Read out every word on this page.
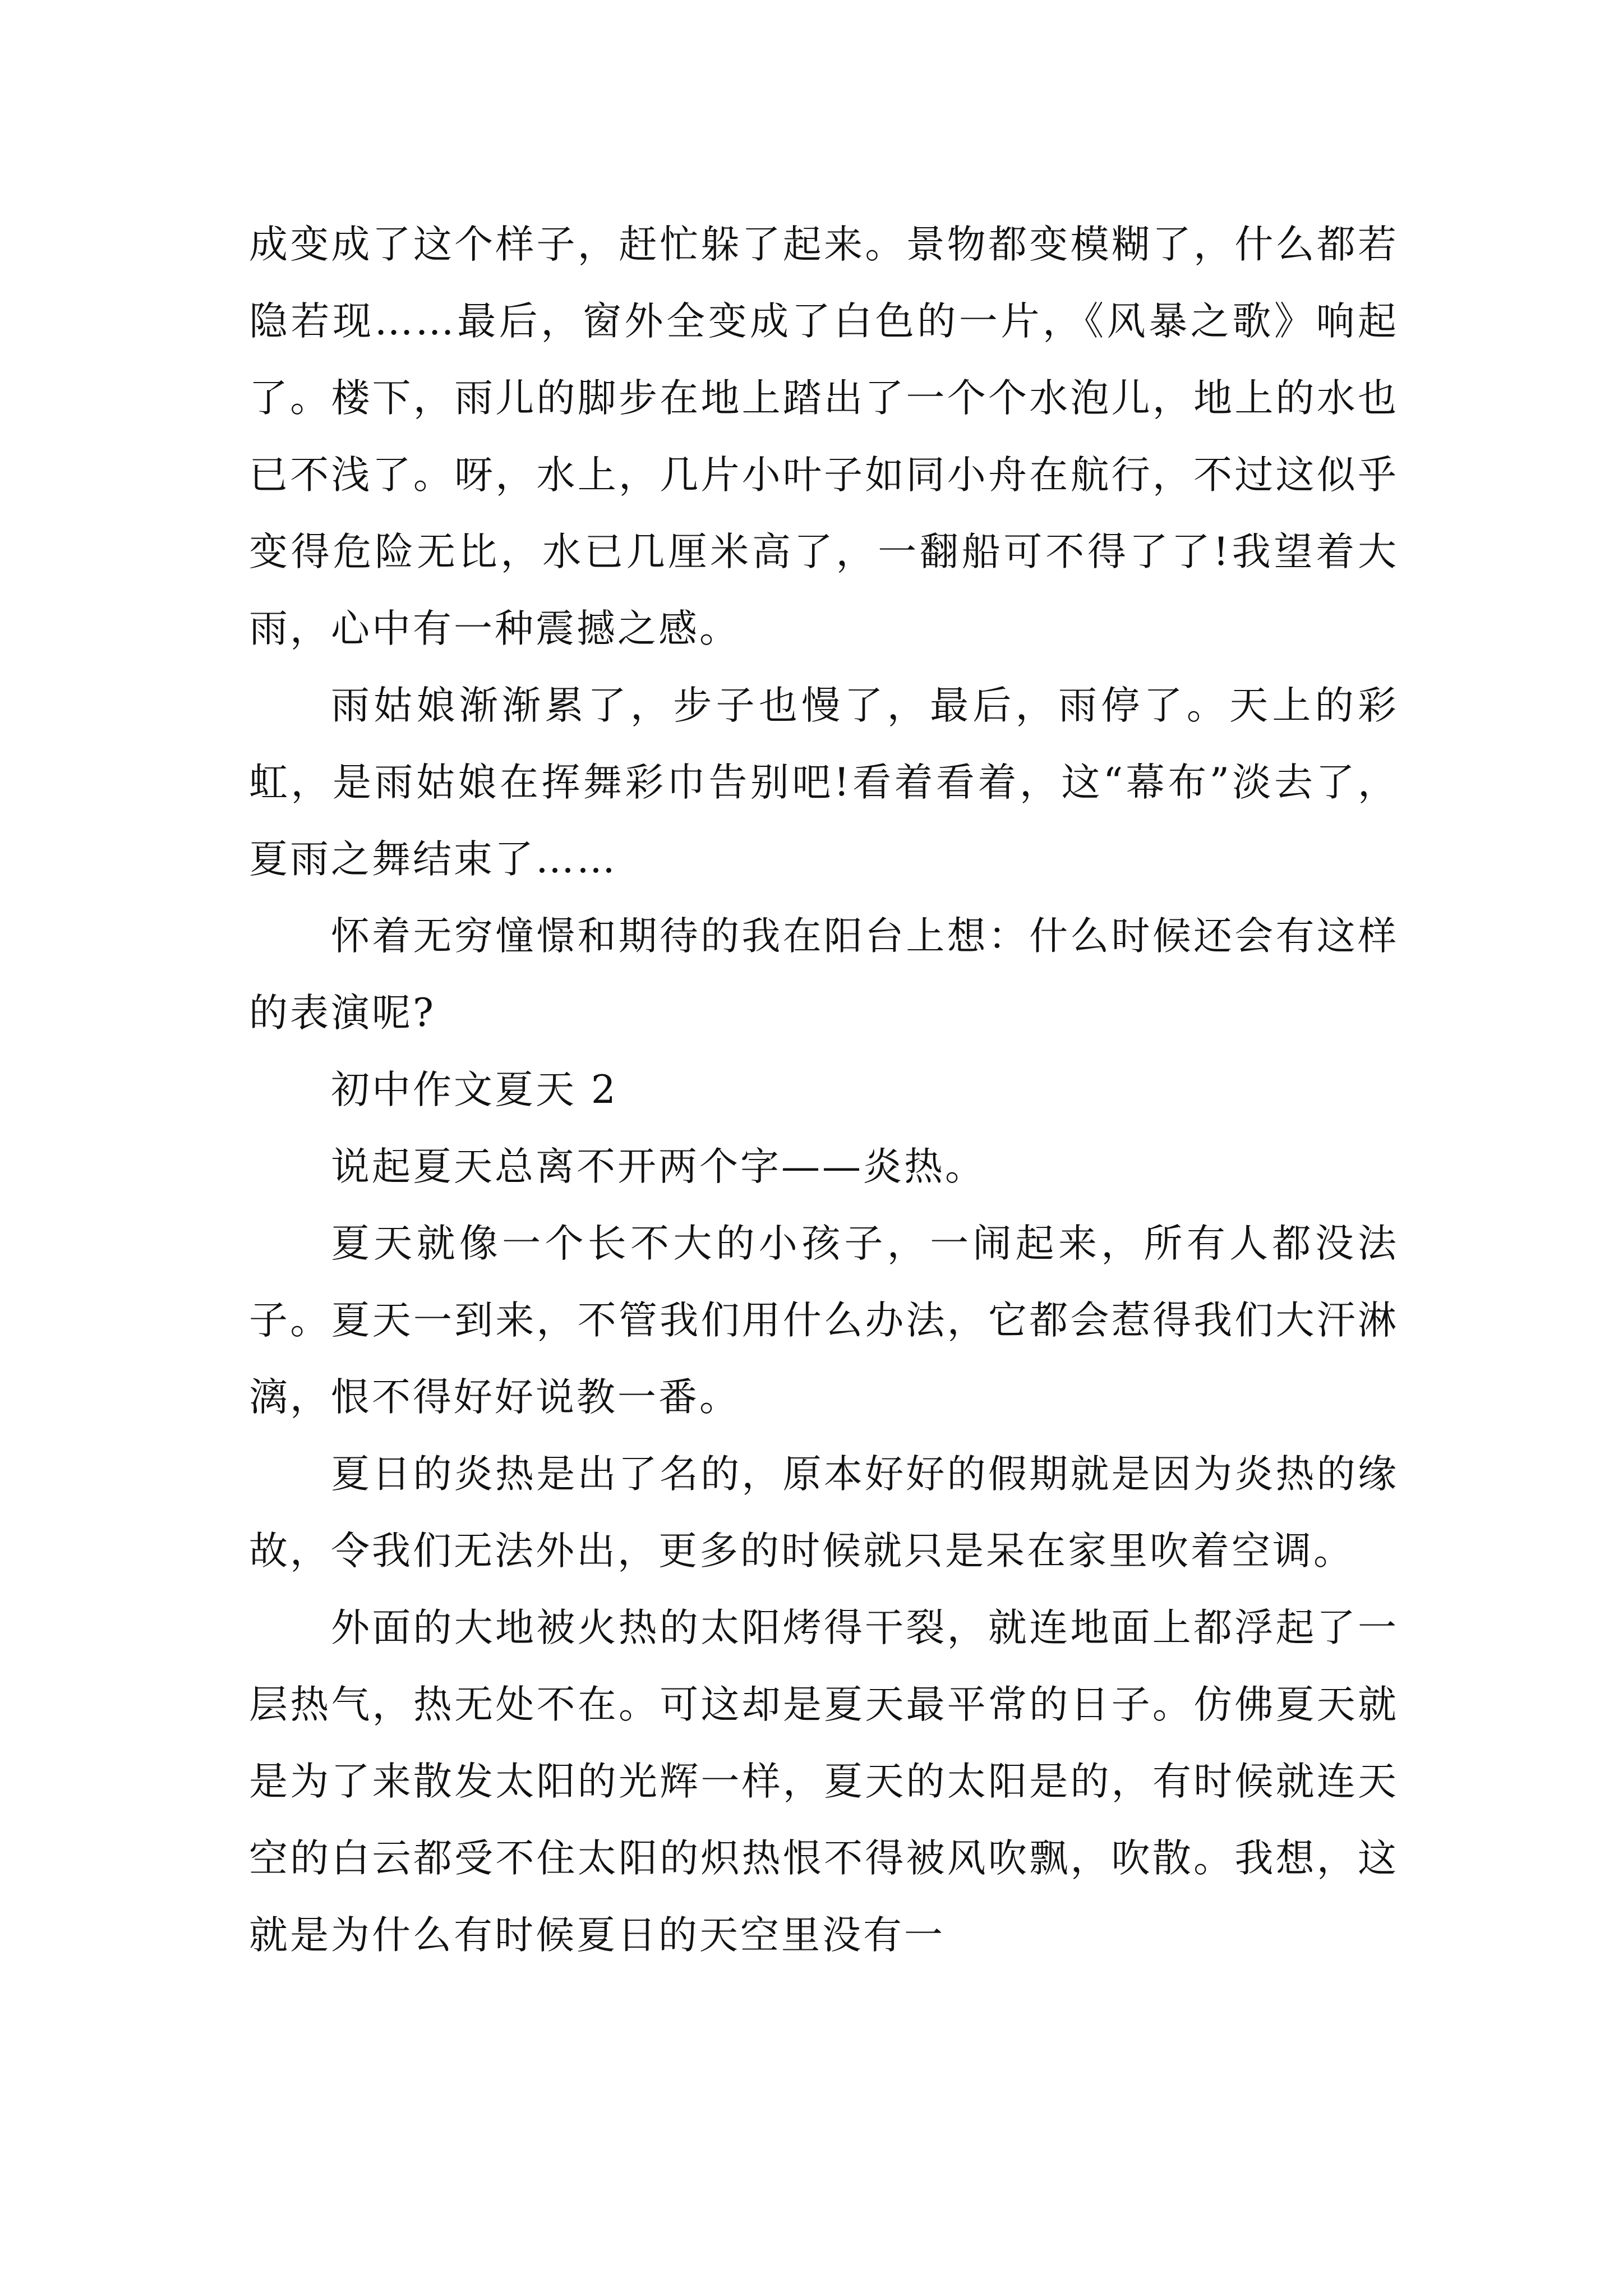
成变成了这个样子，赶忙躲了起来。景物都变模糊了，什么都若隐若现……最后，窗外全变成了白色的一片，《风暴之歌》响起了。楼下，雨儿的脚步在地上踏出了一个个水泡儿，地上的水也已不浅了。呀，水上，几片小叶子如同小舟在航行，不过这似乎变得危险无比，水已几厘米高了，一翻船可不得了了!我望着大雨，心中有一种震撼之感。

雨姑娘渐渐累了，步子也慢了，最后，雨停了。天上的彩虹，是雨姑娘在挥舞彩巾告别吧!看着看着，这“幕布”淡去了，夏雨之舞结束了……

怀着无穷憧憬和期待的我在阳台上想：什么时候还会有这样的表演呢?

初中作文夏天 2

说起夏天总离不开两个字——炎热。

夏天就像一个长不大的小孩子，一闹起来，所有人都没法子。夏天一到来，不管我们用什么办法，它都会惹得我们大汗淋漓，恨不得好好说教一番。

夏日的炎热是出了名的，原本好好的假期就是因为炎热的缘故，令我们无法外出，更多的时候就只是呆在家里吹着空调。

外面的大地被火热的太阳烤得干裂，就连地面上都浮起了一层热气，热无处不在。可这却是夏天最平常的日子。仿佛夏天就是为了来散发太阳的光辉一样，夏天的太阳是的，有时候就连天空的白云都受不住太阳的炽热恨不得被风吹飘，吹散。我想，这就是为什么有时候夏日的天空里没有一
